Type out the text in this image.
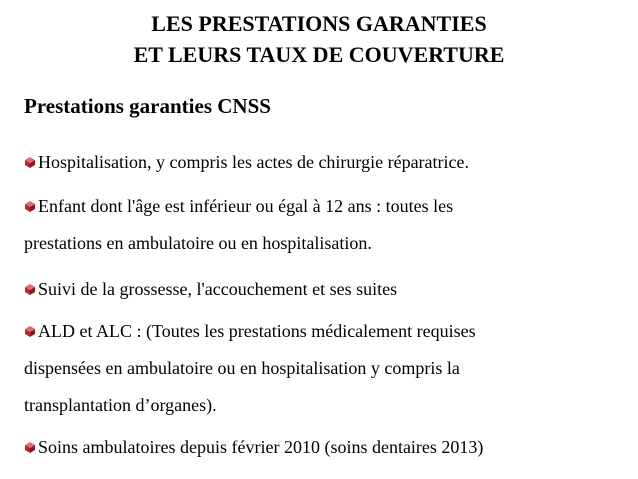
LES PRESTATIONS GARANTIES
ET LEURS TAUX DE COUVERTURE
Prestations garanties CNSS
Hospitalisation, y compris les actes de chirurgie réparatrice.
Enfant dont l'âge est inférieur ou égal à 12 ans : toutes les
prestations en ambulatoire ou en hospitalisation.
Suivi de la grossesse, l'accouchement et ses suites
ALD et ALC : (Toutes les prestations médicalement requises
dispensées en ambulatoire ou en hospitalisation y compris la
transplantation d’organes).
Soins ambulatoires depuis février 2010 (soins dentaires 2013)
